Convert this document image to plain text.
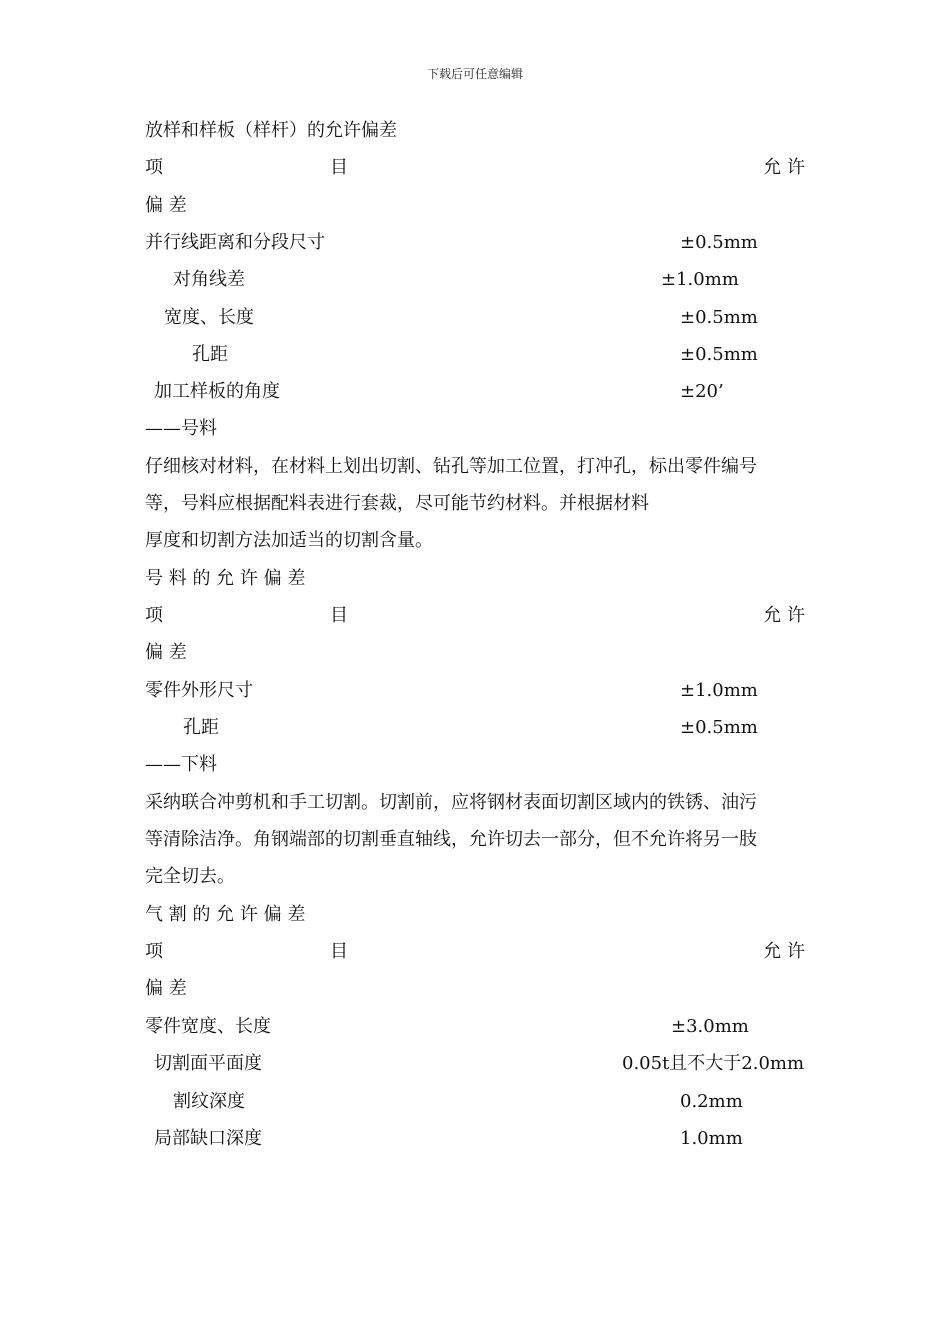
下载后可任意编辑
放样和样板（样杆）的允许偏差
项	目	允 许
偏 差
并行线距离和分段尺寸	±0.5mm
对角线差	±1.0mm
宽度、长度	±0.5mm
孔距	±0.5mm
加工样板的角度	±20’
——号料
仔细核对材料，在材料上划出切割、钻孔等加工位置，打冲孔，标出零件编号
等，号料应根据配料表进行套裁，尽可能节约材料。并根据材料
厚度和切割方法加适当的切割含量。
号 料 的 允 许 偏 差
项	目	允 许
偏 差
零件外形尺寸	±1.0mm
孔距	±0.5mm
——下料
采纳联合冲剪机和手工切割。切割前，应将钢材表面切割区域内的铁锈、油污
等清除洁净。角钢端部的切割垂直轴线，允许切去一部分，但不允许将另一肢
完全切去。
气 割 的 允 许 偏 差
项	目	允 许
偏 差
零件宽度、长度	±3.0mm
切割面平面度	0.05t且不大于2.0mm
割纹深度	0.2mm
局部缺口深度	1.0mm
